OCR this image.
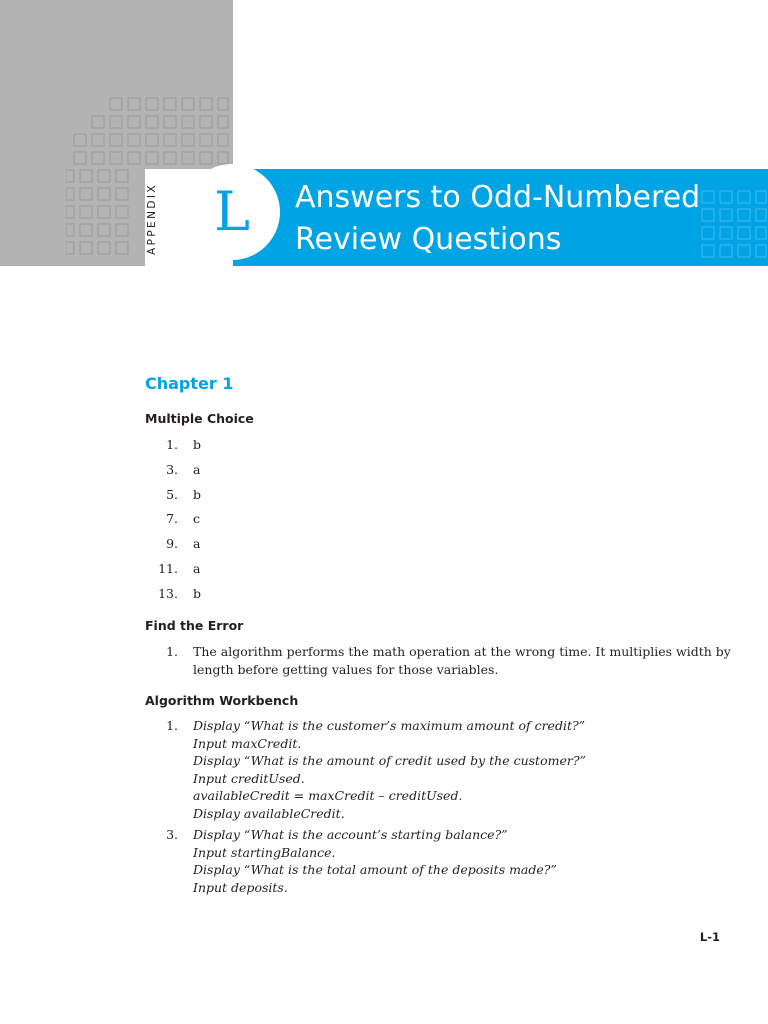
APPENDIX L Answers to Odd-Numbered
Review Questions
Chapter 1
Multiple Choice
1. b
3. a
5. b
7. c
9. a
11. a
13. b
Find the Error
1. The algorithm performs the math operation at the wrong time. It multiplies width by
length before getting values for those variables.
Algorithm Workbench
1. Display “What is the customer’s maximum amount of credit?”
Input maxCredit.
Display “What is the amount of credit used by the customer?”
Input creditUsed.
availableCredit = maxCredit – creditUsed.
Display availableCredit.
3. Display “What is the account’s starting balance?”
Input startingBalance.
Display “What is the total amount of the deposits made?”
Input deposits.
L-1
